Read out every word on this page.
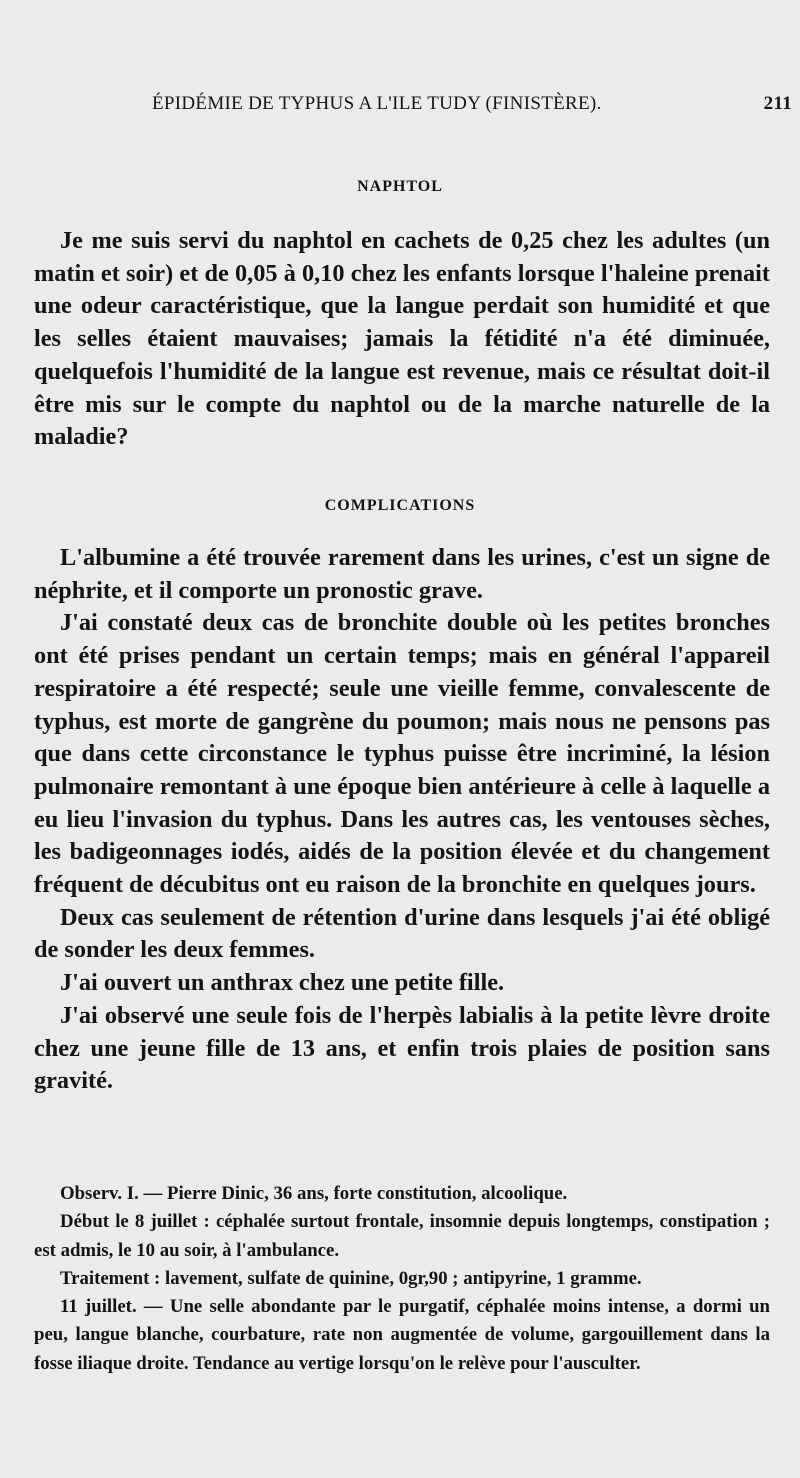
ÉPIDÉMIE DE TYPHUS A L'ILE TUDY (FINISTÈRE).	211
NAPHTOL

Je me suis servi du naphtol en cachets de 0,25 chez les adultes (un matin et soir) et de 0,05 à 0,10 chez les enfants lorsque l'haleine prenait une odeur caractéristique, que la langue perdait son humidité et que les selles étaient mauvaises; jamais la fétidité n'a été diminuée, quelquefois l'humidité de la langue est revenue, mais ce résultat doit-il être mis sur le compte du naphtol ou de la marche naturelle de la maladie?

COMPLICATIONS

L'albumine a été trouvée rarement dans les urines, c'est un signe de néphrite, et il comporte un pronostic grave.

J'ai constaté deux cas de bronchite double où les petites bronches ont été prises pendant un certain temps; mais en général l'appareil respiratoire a été respecté; seule une vieille femme, convalescente de typhus, est morte de gangrène du poumon; mais nous ne pensons pas que dans cette circonstance le typhus puisse être incriminé, la lésion pulmonaire remontant à une époque bien antérieure à celle à laquelle a eu lieu l'invasion du typhus. Dans les autres cas, les ventouses sèches, les badigeonnages iodés, aidés de la position élevée et du changement fréquent de décubitus ont eu raison de la bronchite en quelques jours.

Deux cas seulement de rétention d'urine dans lesquels j'ai été obligé de sonder les deux femmes.

J'ai ouvert un anthrax chez une petite fille.

J'ai observé une seule fois de l'herpès labialis à la petite lèvre droite chez une jeune fille de 13 ans, et enfin trois plaies de position sans gravité.

Observ. I. — Pierre Dinic, 36 ans, forte constitution, alcoolique.

Début le 8 juillet : céphalée surtout frontale, insomnie depuis longtemps, constipation ; est admis, le 10 au soir, à l'ambulance.

Traitement : lavement, sulfate de quinine, 0gr,90 ; antipyrine, 1 gramme.

11 juillet. — Une selle abondante par le purgatif, céphalée moins intense, a dormi un peu, langue blanche, courbature, rate non augmentée de volume, gargouillement dans la fosse iliaque droite. Tendance au vertige lorsqu'on le relève pour l'ausculter.
